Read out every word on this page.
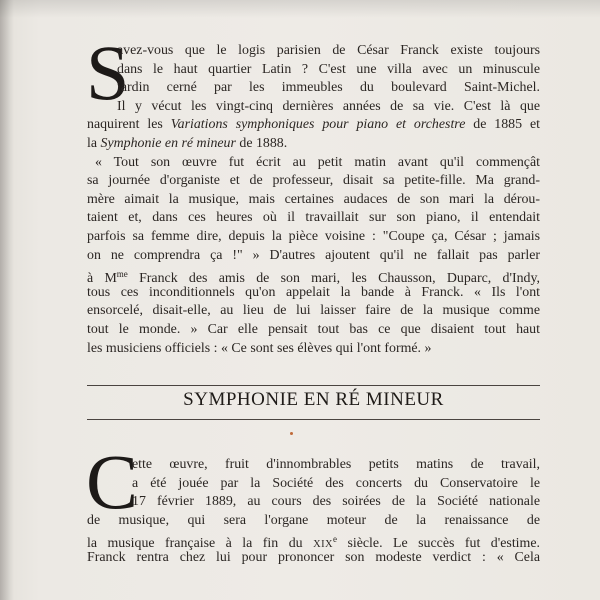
S
avez-vous que le logis parisien de César Franck existe toujours
dans le haut quartier Latin ? C'est une villa avec un minuscule
jardin cerné par les immeubles du boulevard Saint-Michel.
Il y vécut les vingt-cinq dernières années de sa vie. C'est là que
naquirent les Variations symphoniques pour piano et orchestre de 1885 et
la Symphonie en ré mineur de 1888.
« Tout son œuvre fut écrit au petit matin avant qu'il commençât
sa journée d'organiste et de professeur, disait sa petite-fille. Ma grand-
mère aimait la musique, mais certaines audaces de son mari la dérou-
taient et, dans ces heures où il travaillait sur son piano, il entendait
parfois sa femme dire, depuis la pièce voisine : "Coupe ça, César ; jamais
on ne comprendra ça !" » D'autres ajoutent qu'il ne fallait pas parler
à $M^{me}$ Franck des amis de son mari, les Chausson, Duparc, d'Indy,
tous ces inconditionnels qu'on appelait la bande à Franck. « Ils l'ont
ensorcelé, disait-elle, au lieu de lui laisser faire de la musique comme
tout le monde. » Car elle pensait tout bas ce que disaient tout haut
les musiciens officiels : « Ce sont ses élèves qui l'ont formé. »
SYMPHONIE EN RÉ MINEUR
C
ette œuvre, fruit d'innombrables petits matins de travail,
a été jouée par la Société des concerts du Conservatoire le
17 février 1889, au cours des soirées de la Société nationale
de musique, qui sera l'organe moteur de la renaissance de
la musique française à la fin du XIXe siècle. Le succès fut d'estime.
Franck rentra chez lui pour prononcer son modeste verdict : « Cela
